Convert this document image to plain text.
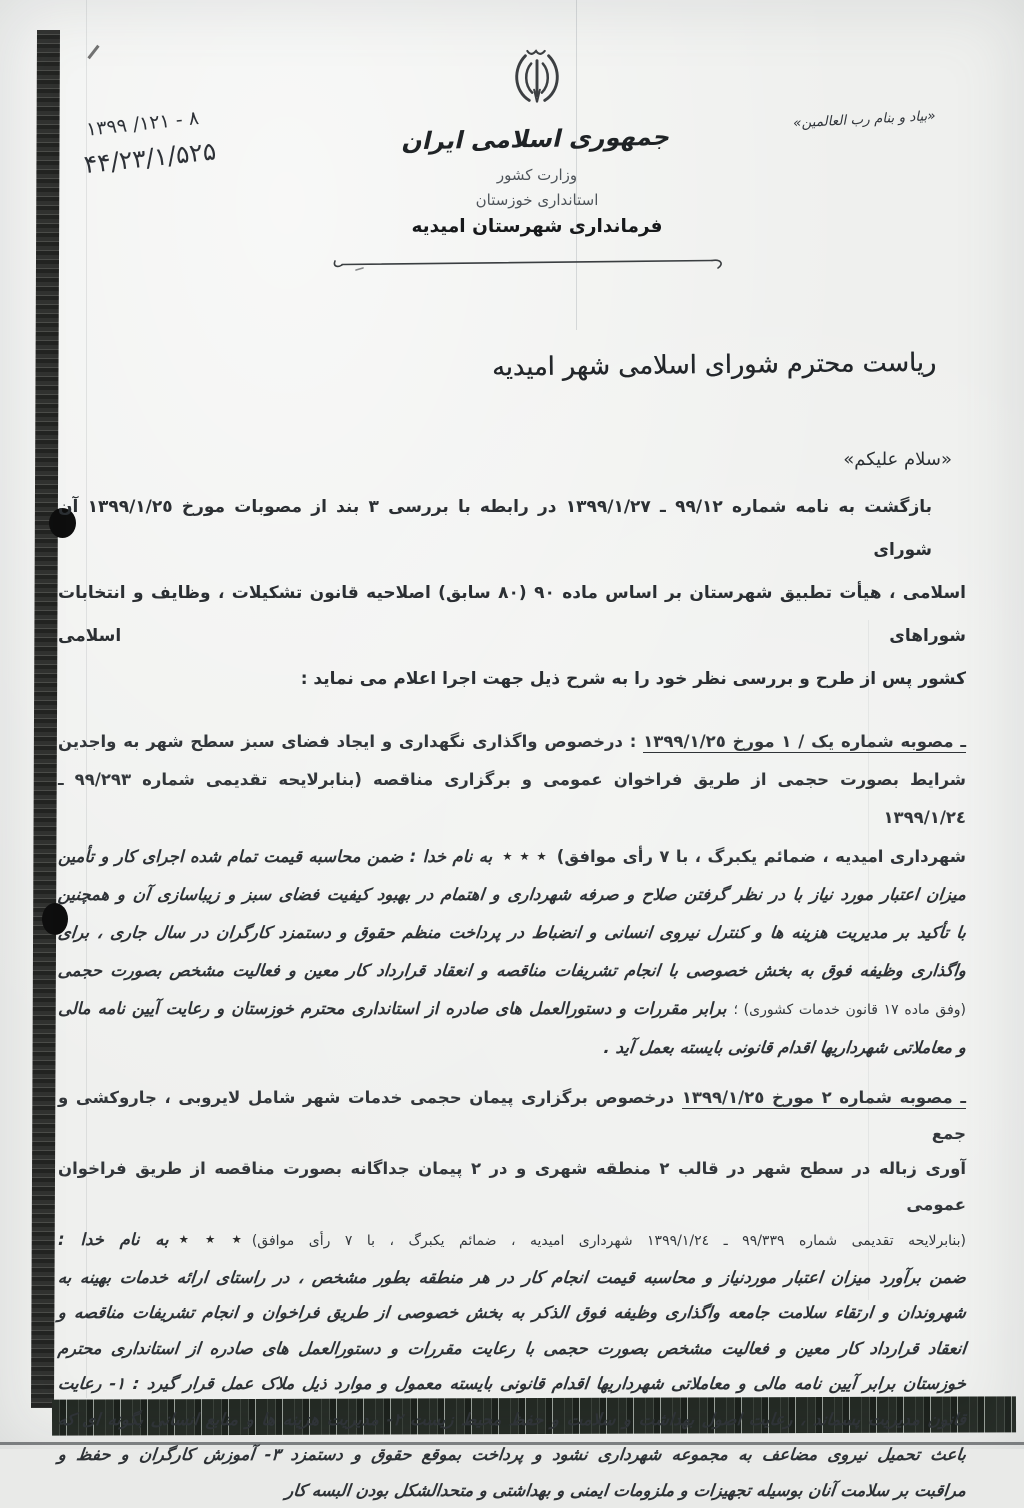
۱۳۹۹ /۱۲۱ - ۸
۴۴/۲۳/۱/۵۲۵
«بیاد و بنام رب العالمین»
جمهوری اسلامی ایران
وزارت کشور
استانداری خوزستان
فرمانداری شهرستان امیدیه
ریاست محترم شورای اسلامی شهر امیدیه
«سلام علیکم»
بازگشت به نامه شماره ٩٩/١٢ ـ ١٣٩٩/١/٢٧ در رابطه با بررسی ٣ بند از مصوبات مورخ ١٣٩٩/١/٢٥ آن شورای
اسلامی ، هیأت تطبیق شهرستان بر اساس ماده ٩٠ (٨٠ سابق) اصلاحیه قانون تشکیلات ، وظایف و انتخابات شوراهای اسلامی
کشور پس از طرح و بررسی نظر خود را به شرح ذیل جهت اجرا اعلام می نماید :
ـ مصوبه شماره یک / ١ مورخ ١٣٩٩/١/٢٥ : درخصوص واگذاری نگهداری و ایجاد فضای سبز سطح شهر به واجدین
شرایط بصورت حجمی از طریق فراخوان عمومی و برگزاری مناقصه (بنابرلایحه تقدیمی شماره ٩٩/٢٩٣ ـ ١٣٩٩/١/٢٤
شهرداری امیدیه ، ضمائم یکبرگ ، با ٧ رأی موافق)٭ ٭ ٭به نام خدا : ضمن محاسبه قیمت تمام شده اجرای کار و تأمین
میزان اعتبار مورد نیاز با در نظر گرفتن صلاح و صرفه شهرداری و اهتمام در بهبود کیفیت فضای سبز و زیباسازی آن و همچنین
با تأکید بر مدیریت هزینه ها و کنترل نیروی انسانی و انضباط در پرداخت منظم حقوق و دستمزد کارگران در سال جاری ، برای
واگذاری وظیفه فوق به بخش خصوصی با انجام تشریفات مناقصه و انعقاد قرارداد کار معین و فعالیت مشخص بصورت حجمی
(وفق ماده ١٧ قانون خدمات کشوری) ؛ برابر مقررات و دستورالعمل های صادره از استانداری محترم خوزستان و رعایت آیین نامه مالی
و معاملاتی شهرداریها اقدام قانونی بایسته بعمل آید .
ـ مصوبه شماره ٢ مورخ ١٣٩٩/١/٢٥ درخصوص برگزاری پیمان حجمی خدمات شهر شامل لایروبی ، جاروکشی و جمع
آوری زباله در سطح شهر در قالب ٢ منطقه شهری و در ٢ پیمان جداگانه بصورت مناقصه از طریق فراخوان عمومی
(بنابرلایحه تقدیمی شماره ٩٩/٣٣٩ ـ ١٣٩٩/١/٢٤ شهرداری امیدیه ، ضمائم یکبرگ ، با ٧ رأی موافق)٭ ٭ ٭به نام خدا :
ضمن برآورد میزان اعتبار موردنیاز و محاسبه قیمت انجام کار در هر منطقه بطور مشخص ، در راستای ارائه خدمات بهینه به
شهروندان و ارتقاء سلامت جامعه واگذاری وظیفه فوق الذکر به بخش خصوصی از طریق فراخوان و انجام تشریفات مناقصه و
انعقاد قرارداد کار معین و فعالیت مشخص بصورت حجمی با رعایت مقررات و دستورالعمل های صادره از استانداری محترم
خوزستان برابر آیین نامه مالی و معاملاتی شهرداریها اقدام قانونی بایسته معمول و موارد ذیل ملاک عمل قرار گیرد : ١- رعایت
قانون مدیریت پسماند ، رعایت اصول بهداشت و سلامت و حفظ محیط زیست ٢- مدیریت هزینه ها و منابع انسانی بگونه ای که
باعث تحمیل نیروی مضاعف به مجموعه شهرداری نشود و پرداخت بموقع حقوق و دستمزد ٣- آموزش کارگران و حفظ و
مراقبت بر سلامت آنان بوسیله تجهیزات و ملزومات ایمنی و بهداشتی و متحدالشکل بودن البسه کار
